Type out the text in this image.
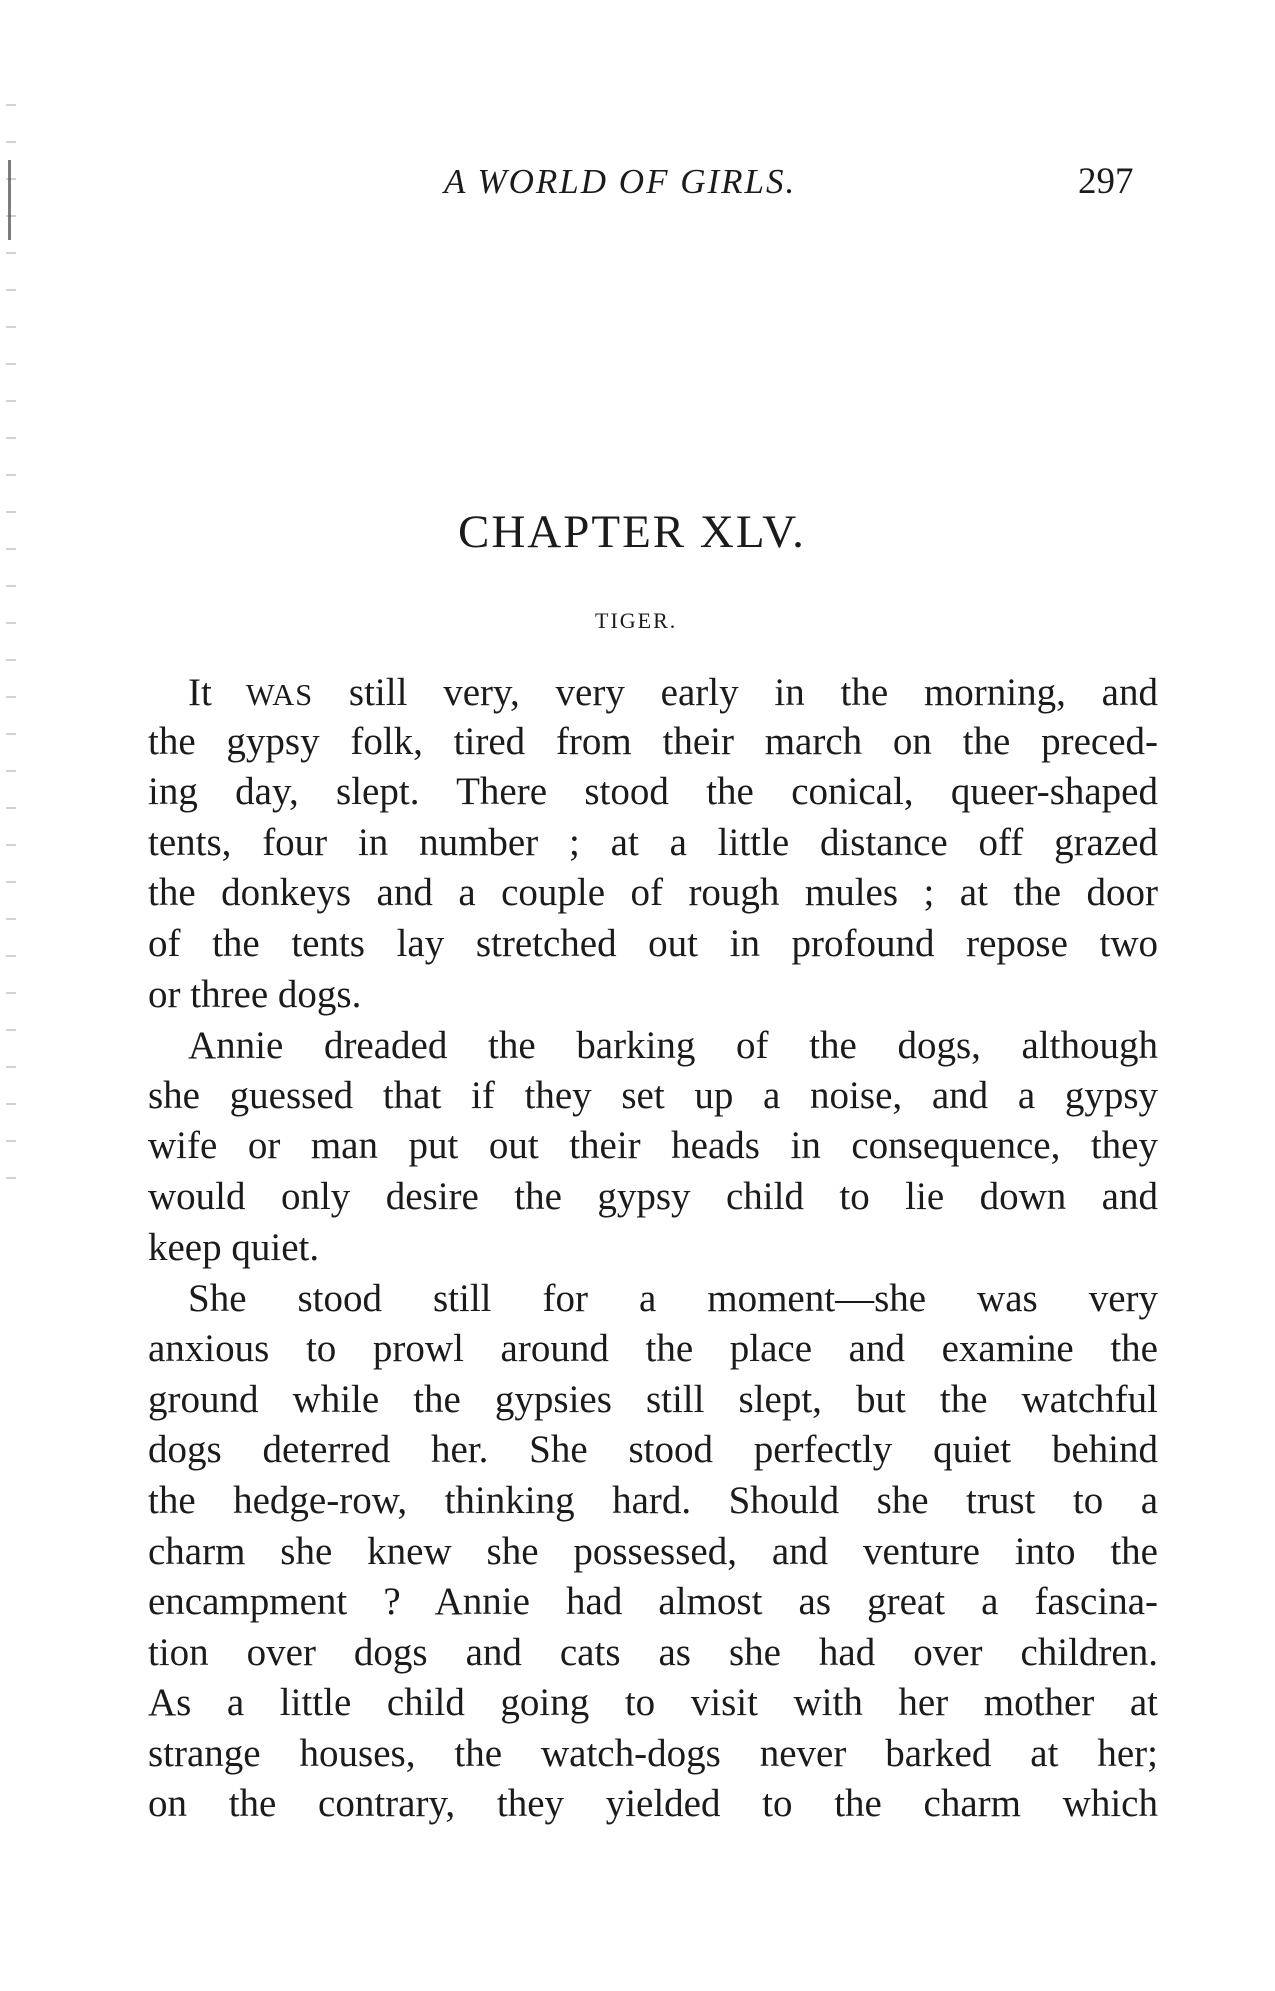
A WORLD OF GIRLS.	297
CHAPTER XLV.
TIGER.
It WAS still very, very early in the morning, and
the gypsy folk, tired from their march on the preced-
ing day, slept. There stood the conical, queer-shaped
tents, four in number ; at a little distance off grazed
the donkeys and a couple of rough mules ; at the door
of the tents lay stretched out in profound repose two
or three dogs.
Annie dreaded the barking of the dogs, although
she guessed that if they set up a noise, and a gypsy
wife or man put out their heads in consequence, they
would only desire the gypsy child to lie down and
keep quiet.
She stood still for a moment—she was very
anxious to prowl around the place and examine the
ground while the gypsies still slept, but the watchful
dogs deterred her. She stood perfectly quiet behind
the hedge-row, thinking hard. Should she trust to a
charm she knew she possessed, and venture into the
encampment ? Annie had almost as great a fascina-
tion over dogs and cats as she had over children.
As a little child going to visit with her mother at
strange houses, the watch-dogs never barked at her;
on the contrary, they yielded to the charm which
